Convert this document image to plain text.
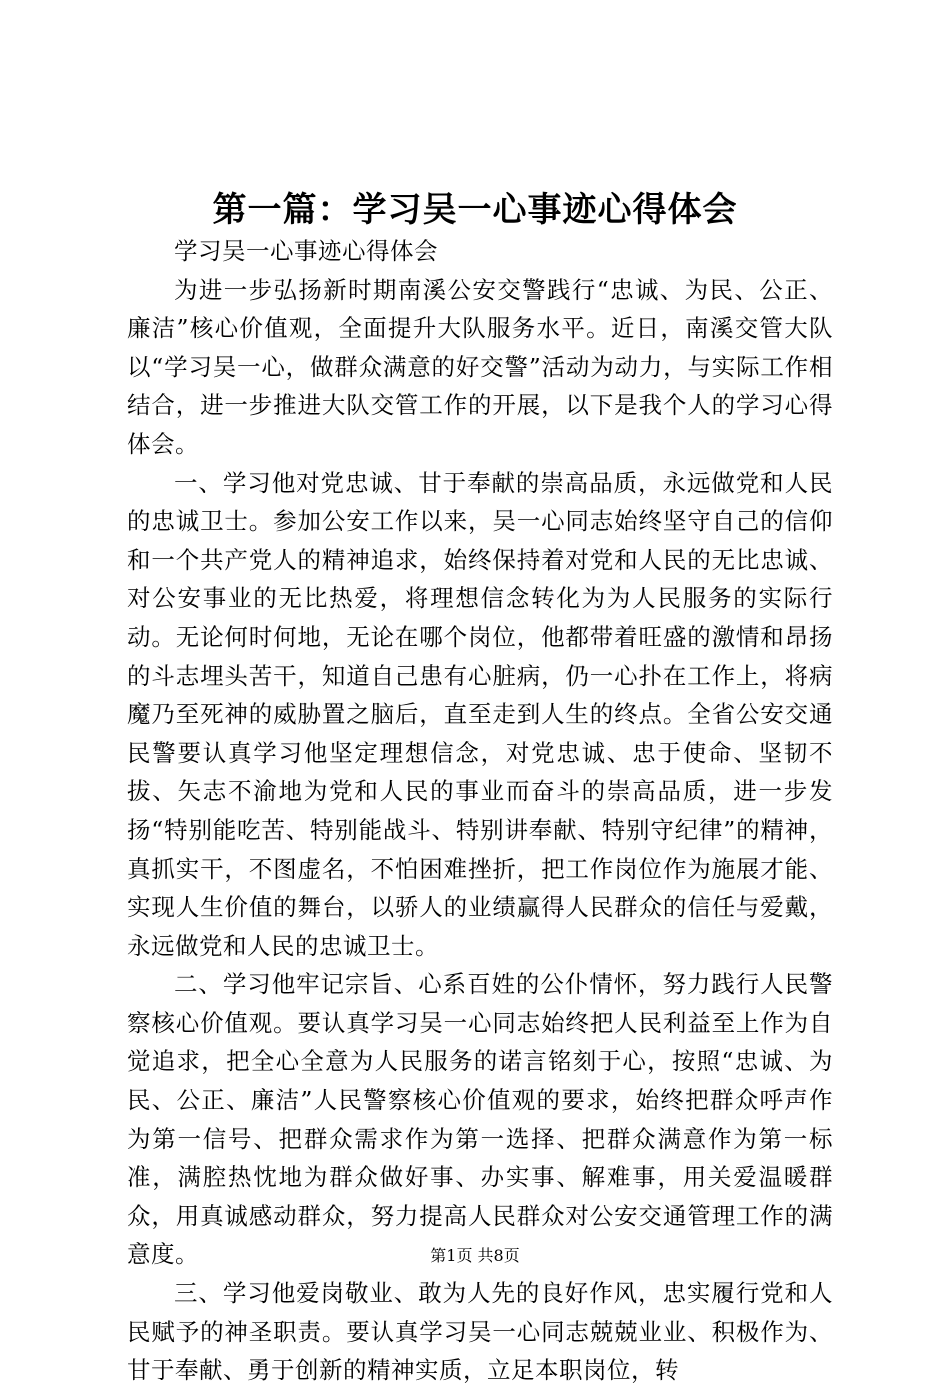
第一篇：学习吴一心事迹心得体会

学习吴一心事迹心得体会

为进一步弘扬新时期南溪公安交警践行“忠诚、为民、公正、廉洁”核心价值观，全面提升大队服务水平。近日，南溪交管大队以“学习吴一心，做群众满意的好交警”活动为动力，与实际工作相结合，进一步推进大队交管工作的开展，以下是我个人的学习心得体会。

一、学习他对党忠诚、甘于奉献的崇高品质，永远做党和人民的忠诚卫士。参加公安工作以来，吴一心同志始终坚守自己的信仰和一个共产党人的精神追求，始终保持着对党和人民的无比忠诚、对公安事业的无比热爱，将理想信念转化为为人民服务的实际行动。无论何时何地，无论在哪个岗位，他都带着旺盛的激情和昂扬的斗志埋头苦干，知道自己患有心脏病，仍一心扑在工作上，将病魔乃至死神的威胁置之脑后，直至走到人生的终点。全省公安交通民警要认真学习他坚定理想信念，对党忠诚、忠于使命、坚韧不拔、矢志不渝地为党和人民的事业而奋斗的崇高品质，进一步发扬“特别能吃苦、特别能战斗、特别讲奉献、特别守纪律”的精神，真抓实干，不图虚名，不怕困难挫折，把工作岗位作为施展才能、实现人生价值的舞台，以骄人的业绩赢得人民群众的信任与爱戴，永远做党和人民的忠诚卫士。

二、学习他牢记宗旨、心系百姓的公仆情怀，努力践行人民警察核心价值观。要认真学习吴一心同志始终把人民利益至上作为自觉追求，把全心全意为人民服务的诺言铭刻于心，按照“忠诚、为民、公正、廉洁”人民警察核心价值观的要求，始终把群众呼声作为第一信号、把群众需求作为第一选择、把群众满意作为第一标准，满腔热忱地为群众做好事、办实事、解难事，用关爱温暖群众，用真诚感动群众，努力提高人民群众对公安交通管理工作的满意度。

三、学习他爱岗敬业、敢为人先的良好作风，忠实履行党和人民赋予的神圣职责。要认真学习吴一心同志兢兢业业、积极作为、甘于奉献、勇于创新的精神实质，立足本职岗位，转

第1页 共8页
